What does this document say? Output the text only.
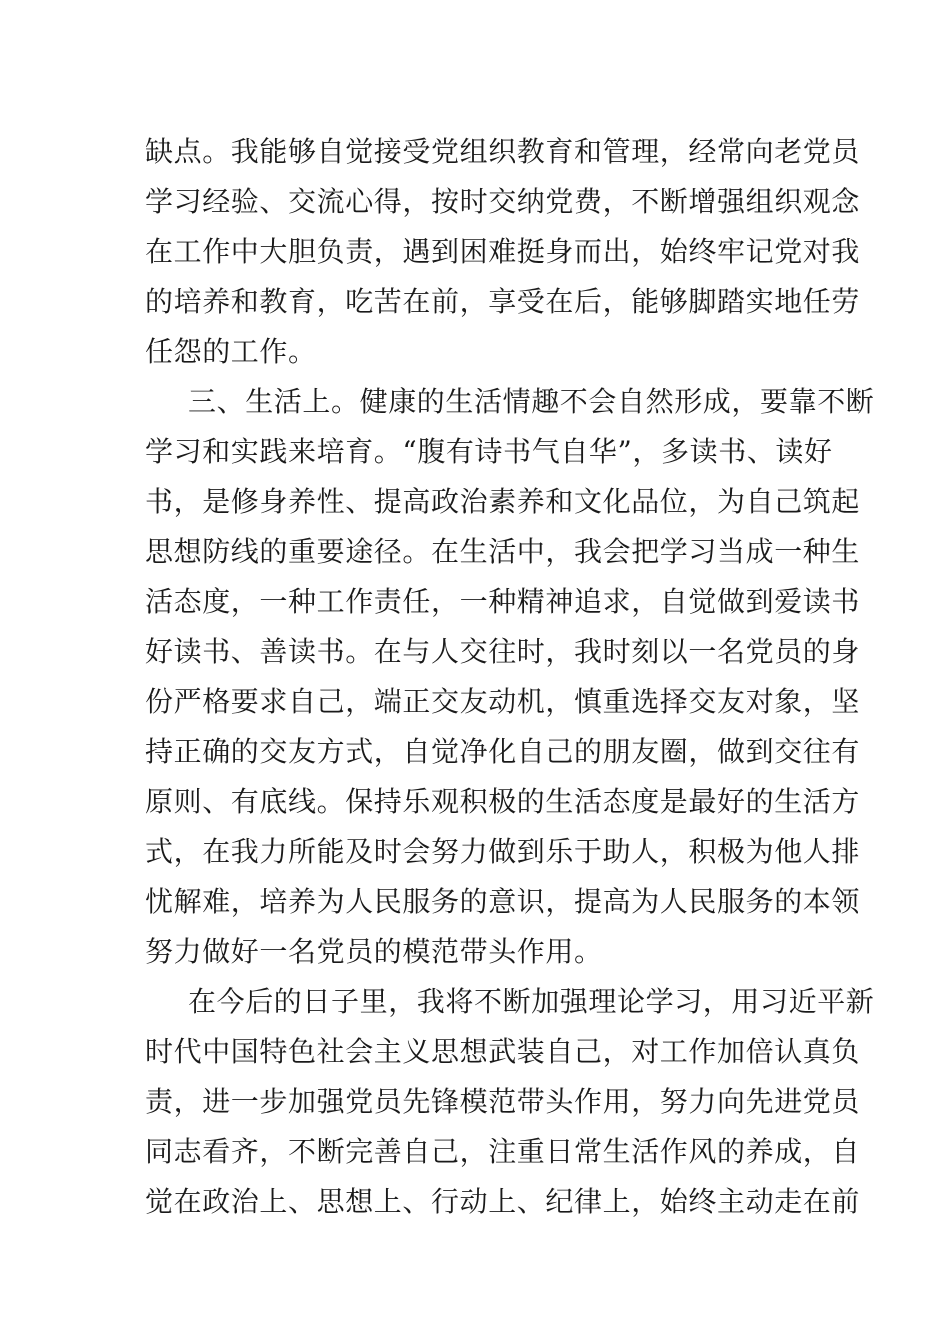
缺点。我能够自觉接受党组织教育和管理，经常向老党员
学习经验、交流心得，按时交纳党费，不断增强组织观念
在工作中大胆负责，遇到困难挺身而出，始终牢记党对我
的培养和教育，吃苦在前，享受在后，能够脚踏实地任劳
任怨的工作。
三、生活上。健康的生活情趣不会自然形成，要靠不断
学习和实践来培育。“腹有诗书气自华”，多读书、读好
书，是修身养性、提高政治素养和文化品位，为自己筑起
思想防线的重要途径。在生活中，我会把学习当成一种生
活态度，一种工作责任，一种精神追求，自觉做到爱读书
好读书、善读书。在与人交往时，我时刻以一名党员的身
份严格要求自己，端正交友动机，慎重选择交友对象，坚
持正确的交友方式，自觉净化自己的朋友圈，做到交往有
原则、有底线。保持乐观积极的生活态度是最好的生活方
式，在我力所能及时会努力做到乐于助人，积极为他人排
忧解难，培养为人民服务的意识，提高为人民服务的本领
努力做好一名党员的模范带头作用。
在今后的日子里，我将不断加强理论学习，用习近平新
时代中国特色社会主义思想武装自己，对工作加倍认真负
责，进一步加强党员先锋模范带头作用，努力向先进党员
同志看齐，不断完善自己，注重日常生活作风的养成，自
觉在政治上、思想上、行动上、纪律上，始终主动走在前
